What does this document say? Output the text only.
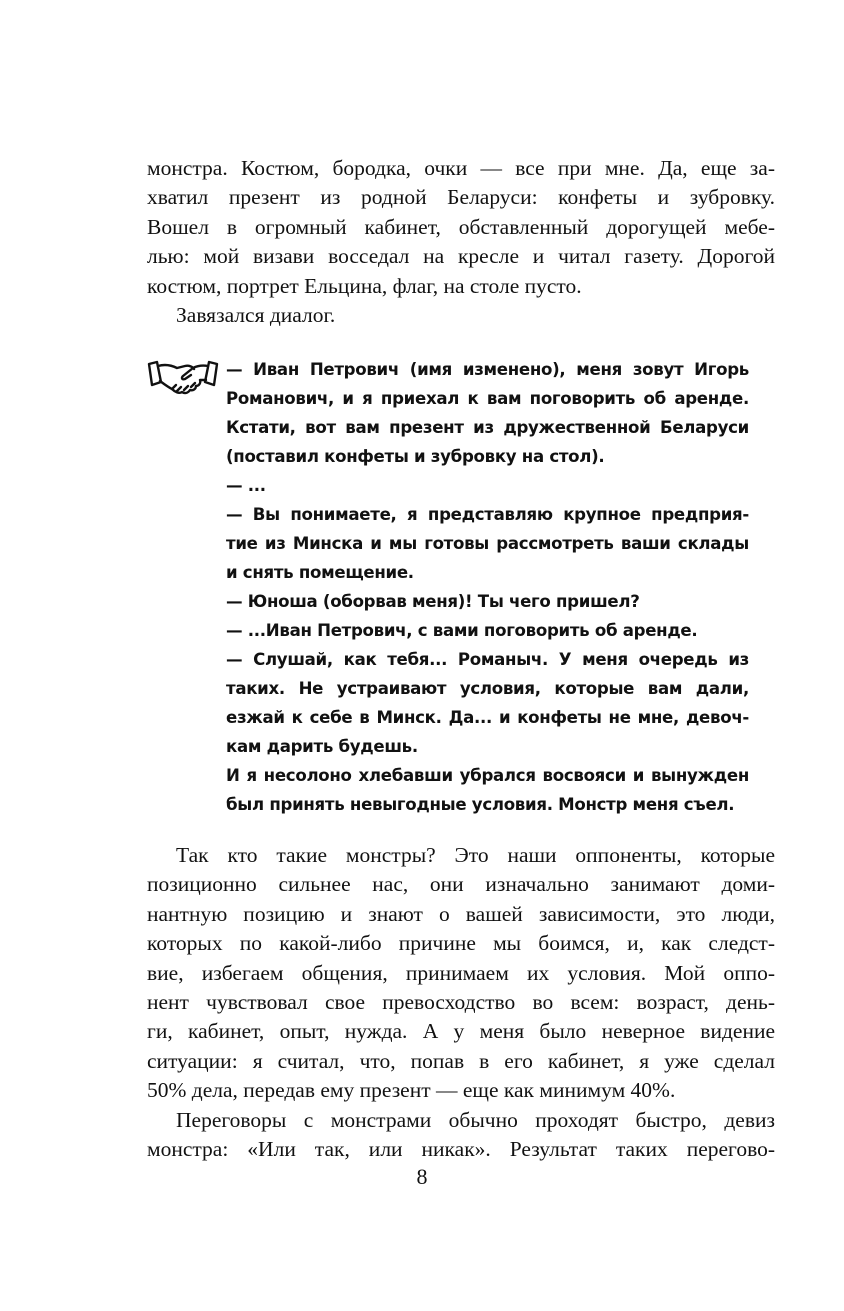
монстра. Костюм, бородка, очки — все при мне. Да, еще за-
хватил презент из родной Беларуси: конфеты и зубровку.
Вошел в огромный кабинет, обставленный дорогущей мебе-
лью: мой визави восседал на кресле и читал газету. Дорогой
костюм, портрет Ельцина, флаг, на столе пусто.
Завязался диалог.
— Иван Петрович (имя изменено), меня зовут Игорь
Романович, и я приехал к вам поговорить об аренде.
Кстати, вот вам презент из дружественной Беларуси
(поставил конфеты и зубровку на стол).
— ...
— Вы понимаете, я представляю крупное предприя-
тие из Минска и мы готовы рассмотреть ваши склады
и снять помещение.
— Юноша (оборвав меня)! Ты чего пришел?
— ...Иван Петрович, с вами поговорить об аренде.
— Слушай, как тебя... Романыч. У меня очередь из
таких. Не устраивают условия, которые вам дали,
езжай к себе в Минск. Да... и конфеты не мне, девоч-
кам дарить будешь.
И я несолоно хлебавши убрался восвояси и вынужден
был принять невыгодные условия. Монстр меня съел.
Так кто такие монстры? Это наши оппоненты, которые
позиционно сильнее нас, они изначально занимают доми-
нантную позицию и знают о вашей зависимости, это люди,
которых по какой-либо причине мы боимся, и, как следст-
вие, избегаем общения, принимаем их условия. Мой оппо-
нент чувствовал свое превосходство во всем: возраст, день-
ги, кабинет, опыт, нужда. А у меня было неверное видение
ситуации: я считал, что, попав в его кабинет, я уже сделал
50% дела, передав ему презент — еще как минимум 40%.
Переговоры с монстрами обычно проходят быстро, девиз
монстра: «Или так, или никак». Результат таких перегово-
8
